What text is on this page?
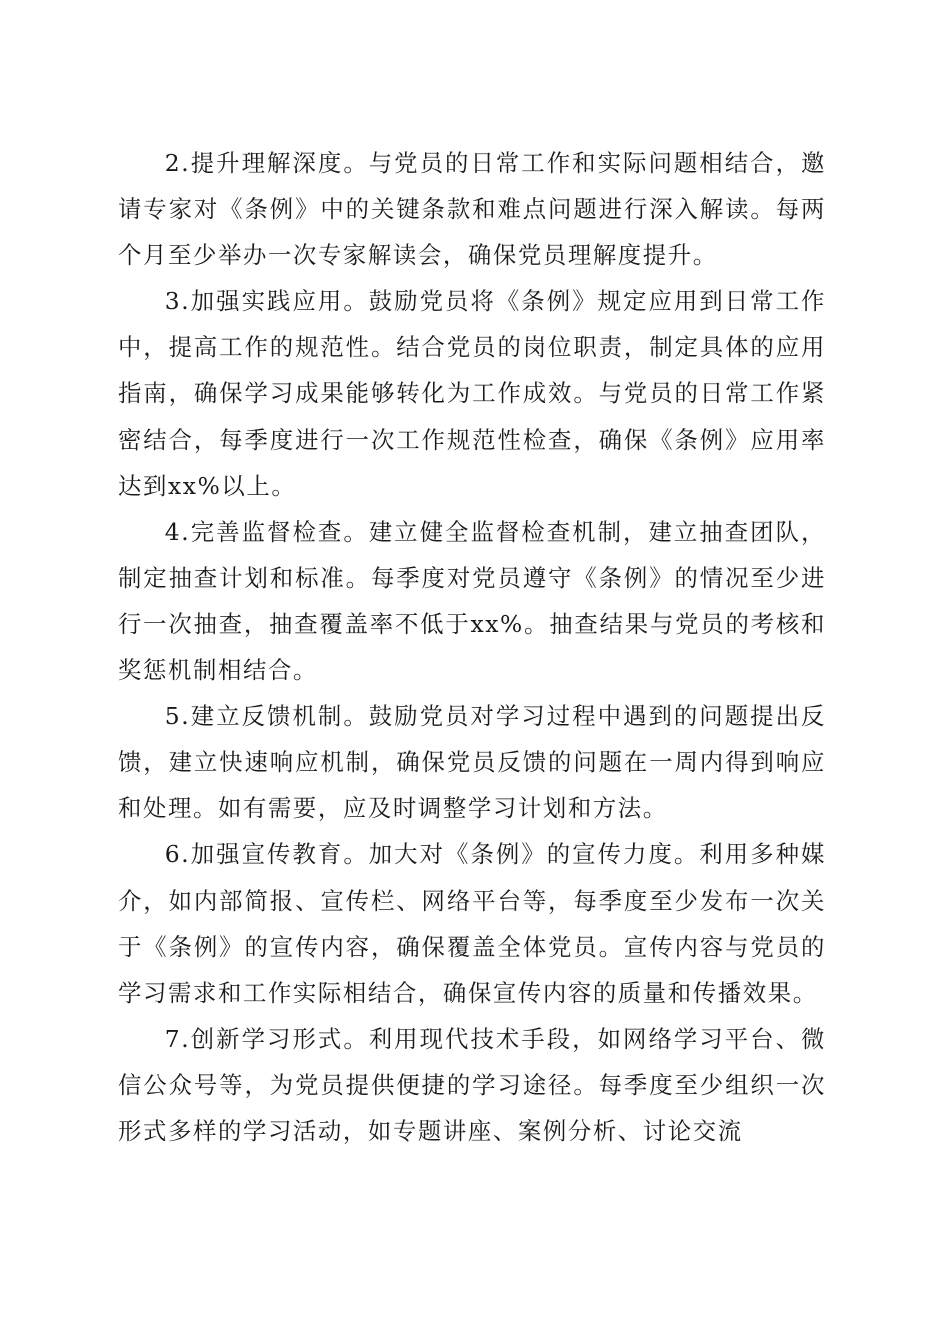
2.提升理解深度。与党员的日常工作和实际问题相结合，邀请专家对《条例》中的关键条款和难点问题进行深入解读。每两个月至少举办一次专家解读会，确保党员理解度提升。

3.加强实践应用。鼓励党员将《条例》规定应用到日常工作中，提高工作的规范性。结合党员的岗位职责，制定具体的应用指南，确保学习成果能够转化为工作成效。与党员的日常工作紧密结合，每季度进行一次工作规范性检查，确保《条例》应用率达到xx%以上。

4.完善监督检查。建立健全监督检查机制，建立抽查团队，制定抽查计划和标准。每季度对党员遵守《条例》的情况至少进行一次抽查，抽查覆盖率不低于xx%。抽查结果与党员的考核和奖惩机制相结合。

5.建立反馈机制。鼓励党员对学习过程中遇到的问题提出反馈，建立快速响应机制，确保党员反馈的问题在一周内得到响应和处理。如有需要，应及时调整学习计划和方法。

6.加强宣传教育。加大对《条例》的宣传力度。利用多种媒介，如内部简报、宣传栏、网络平台等，每季度至少发布一次关于《条例》的宣传内容，确保覆盖全体党员。宣传内容与党员的学习需求和工作实际相结合，确保宣传内容的质量和传播效果。

7.创新学习形式。利用现代技术手段，如网络学习平台、微信公众号等，为党员提供便捷的学习途径。每季度至少组织一次形式多样的学习活动，如专题讲座、案例分析、讨论交流
